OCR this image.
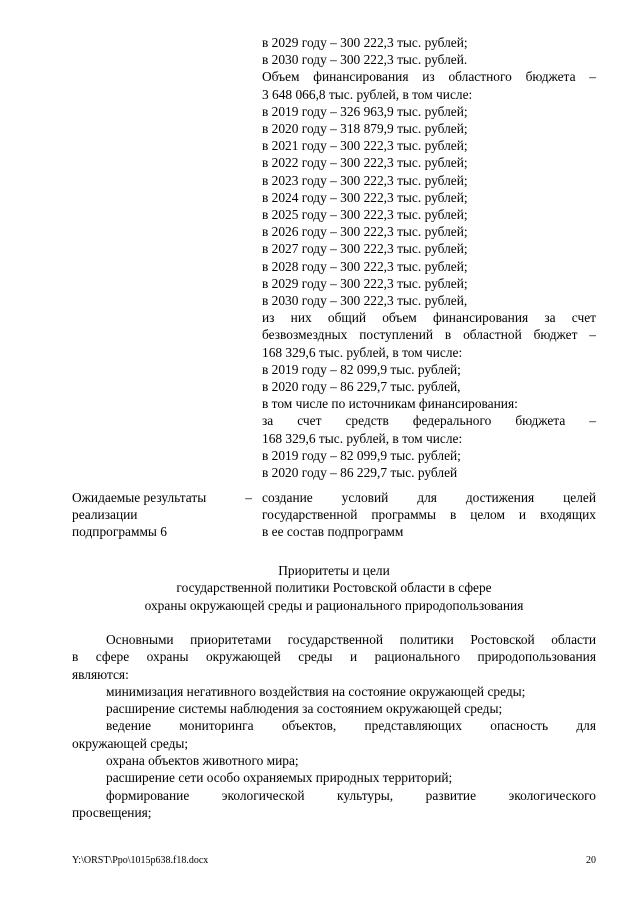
в 2029 году – 300 222,3 тыс. рублей;
в 2030 году – 300 222,3 тыс. рублей.
Объем финансирования из областного бюджета –
3 648 066,8 тыс. рублей, в том числе:
в 2019 году – 326 963,9 тыс. рублей;
в 2020 году – 318 879,9 тыс. рублей;
в 2021 году – 300 222,3 тыс. рублей;
в 2022 году – 300 222,3 тыс. рублей;
в 2023 году – 300 222,3 тыс. рублей;
в 2024 году – 300 222,3 тыс. рублей;
в 2025 году – 300 222,3 тыс. рублей;
в 2026 году – 300 222,3 тыс. рублей;
в 2027 году – 300 222,3 тыс. рублей;
в 2028 году – 300 222,3 тыс. рублей;
в 2029 году – 300 222,3 тыс. рублей;
в 2030 году – 300 222,3 тыс. рублей,
из них общий объем финансирования за счет
безвозмездных поступлений в областной бюджет –
168 329,6 тыс. рублей, в том числе:
в 2019 году – 82 099,9 тыс. рублей;
в 2020 году – 86 229,7 тыс. рублей,
в том числе по источникам финансирования:
за счет средств федерального бюджета –
168 329,6 тыс. рублей, в том числе:
в 2019 году – 82 099,9 тыс. рублей;
в 2020 году – 86 229,7 тыс. рублей
Ожидаемые результаты
реализации
подпрограммы 6
– создание условий для достижения целей
государственной программы в целом и входящих
в ее состав подпрограмм
Приоритеты и цели
государственной политики Ростовской области в сфере
охраны окружающей среды и рационального природопользования
Основными приоритетами государственной политики Ростовской области
в сфере охраны окружающей среды и рационального природопользования
являются:
минимизация негативного воздействия на состояние окружающей среды;
расширение системы наблюдения за состоянием окружающей среды;
ведение мониторинга объектов, представляющих опасность для
окружающей среды;
охрана объектов животного мира;
расширение сети особо охраняемых природных территорий;
формирование экологической культуры, развитие экологического
просвещения;
Y:\ORST\Ppo\1015p638.f18.docx	20
